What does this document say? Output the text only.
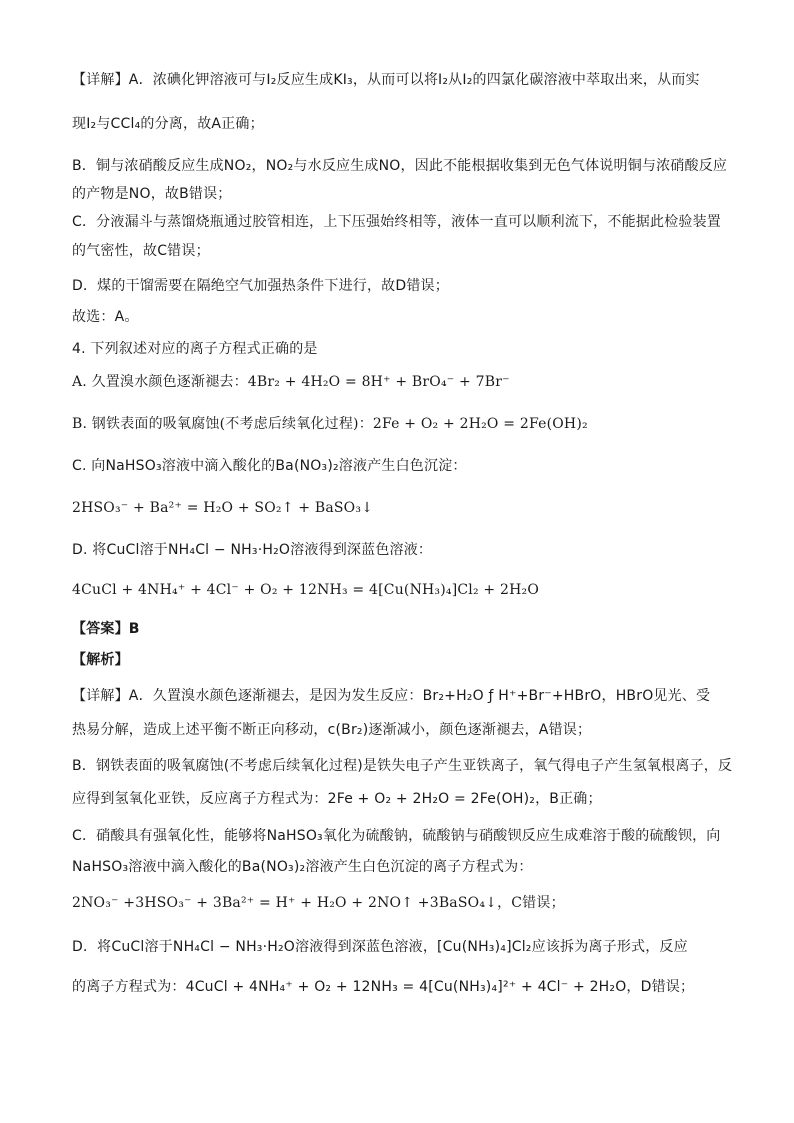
【详解】A．浓碘化钾溶液可与I₂反应生成KI₃，从而可以将I₂从I₂的四氯化碳溶液中萃取出来，从而实
现I₂与CCl₄的分离，故A正确；
B．铜与浓硝酸反应生成NO₂，NO₂与水反应生成NO，因此不能根据收集到无色气体说明铜与浓硝酸反应
的产物是NO，故B错误；
C．分液漏斗与蒸馏烧瓶通过胶管相连，上下压强始终相等，液体一直可以顺利流下，不能据此检验装置
的气密性，故C错误；
D．煤的干馏需要在隔绝空气加强热条件下进行，故D错误；
故选：A。
4. 下列叙述对应的离子方程式正确的是
A. 久置溴水颜色逐渐褪去：4Br₂ + 4H₂O = 8H⁺ + BrO₄⁻ + 7Br⁻
B. 钢铁表面的吸氧腐蚀(不考虑后续氧化过程)：2Fe + O₂ + 2H₂O = 2Fe(OH)₂
C. 向NaHSO₃溶液中滴入酸化的Ba(NO₃)₂溶液产生白色沉淀：
2HSO₃⁻ + Ba²⁺ = H₂O + SO₂↑ + BaSO₃↓
D. 将CuCl溶于NH₄Cl − NH₃·H₂O溶液得到深蓝色溶液：
4CuCl + 4NH₄⁺ + 4Cl⁻ + O₂ + 12NH₃ = 4[Cu(NH₃)₄]Cl₂ + 2H₂O
【答案】B
【解析】
【详解】A．久置溴水颜色逐渐褪去，是因为发生反应：Br₂+H₂O ƒ H⁺+Br⁻+HBrO，HBrO见光、受
热易分解，造成上述平衡不断正向移动，c(Br₂)逐渐减小，颜色逐渐褪去，A错误；
B．钢铁表面的吸氧腐蚀(不考虑后续氧化过程)是铁失电子产生亚铁离子，氧气得电子产生氢氧根离子，反
应得到氢氧化亚铁，反应离子方程式为：2Fe + O₂ + 2H₂O = 2Fe(OH)₂，B正确；
C．硝酸具有强氧化性，能够将NaHSO₃氧化为硫酸钠，硫酸钠与硝酸钡反应生成难溶于酸的硫酸钡，向
NaHSO₃溶液中滴入酸化的Ba(NO₃)₂溶液产生白色沉淀的离子方程式为：
2NO₃⁻ +3HSO₃⁻ + 3Ba²⁺ = H⁺ + H₂O + 2NO↑ +3BaSO₄↓，C错误；
D．将CuCl溶于NH₄Cl − NH₃·H₂O溶液得到深蓝色溶液，[Cu(NH₃)₄]Cl₂应该拆为离子形式，反应
的离子方程式为：4CuCl + 4NH₄⁺ + O₂ + 12NH₃ = 4[Cu(NH₃)₄]²⁺ + 4Cl⁻ + 2H₂O，D错误；
